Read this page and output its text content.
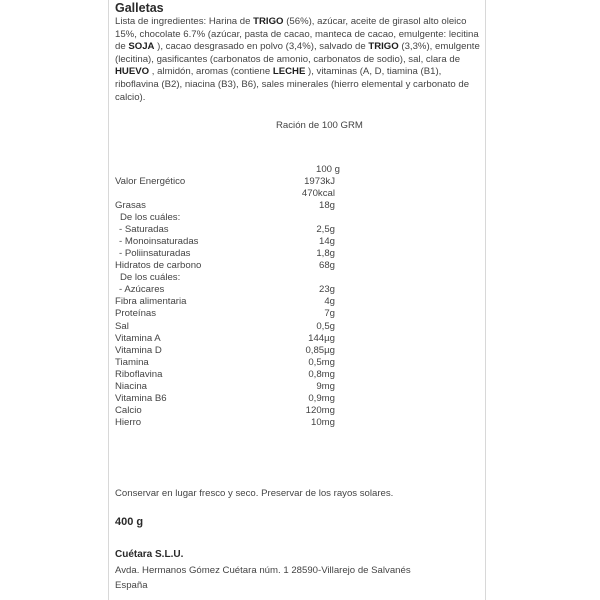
Galletas
Lista de ingredientes: Harina de TRIGO (56%), azúcar, aceite de girasol alto oleico 15%, chocolate 6.7% (azúcar, pasta de cacao, manteca de cacao, emulgente: lecitina de SOJA ), cacao desgrasado en polvo (3,4%), salvado de TRIGO (3,3%), emulgente (lecitina), gasificantes (carbonatos de amonio, carbonatos de sodio), sal, clara de HUEVO , almidón, aromas (contiene LECHE ), vitaminas (A, D, tiamina (B1), riboflavina (B2), niacina (B3), B6), sales minerales (hierro elemental y carbonato de calcio).
Ración de 100 GRM
100 g
Valor Energético	1973kJ
470kcal
Grasas	18g
De los cuáles:
- Saturadas	2,5g
- Monoinsaturadas	14g
- Poliinsaturadas	1,8g
Hidratos de carbono	68g
De los cuáles:
- Azúcares	23g
Fibra alimentaria	4g
Proteínas	7g
Sal	0,5g
Vitamina A	144µg
Vitamina D	0,85µg
Tiamina	0,5mg
Riboflavina	0,8mg
Niacina	9mg
Vitamina B6	0,9mg
Calcio	120mg
Hierro	10mg
Conservar en lugar fresco y seco. Preservar de los rayos solares.
400 g
Cuétara S.L.U.
Avda. Hermanos Gómez Cuétara núm. 1 28590-Villarejo de Salvanés
España
